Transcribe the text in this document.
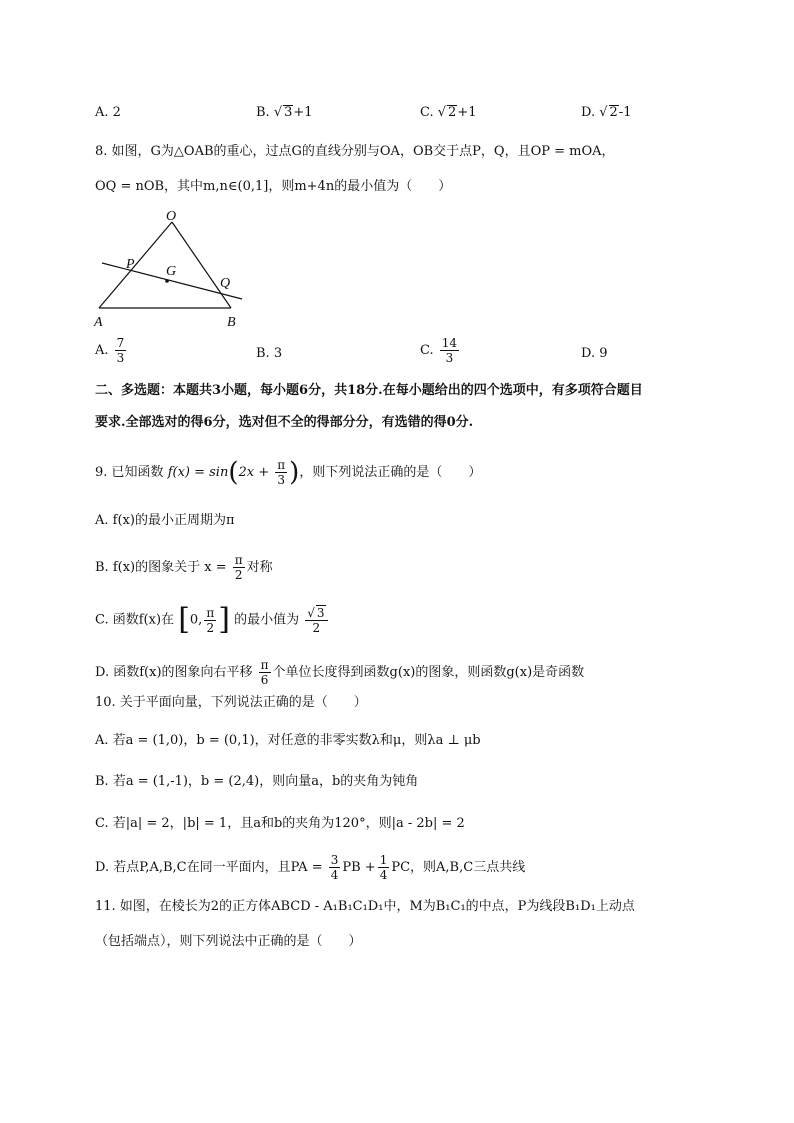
A. 2	B. √ 3+1	C. √ 2+1	D. √ 2-1
8. 如图，G为△OAB的重心，过点G的直线分别与OA，OB交于点P，Q，且OP = mOA，
OQ = nOB，其中m,n∈(0,1]，则m+4n的最小值为（　　）
O
P G
Q
A	B
A. $\frac{7}{3}$	B. 3	C. $\frac{14}{3}$	D. 9
二、多选题：本题共3小题，每小题6分，共18分.在每小题给出的四个选项中，有多项符合题目
要求.全部选对的得6分，选对但不全的得部分分，有选错的得0分.
9. 已知函数 $f(x) = \sin(2x + \frac{\pi}{3}$ )，则下列说法正确的是（　　）
A. f(x)的最小正周期为π
B. f(x)的图象关于 $x = \frac{\pi}{2}$ 对称
C. 函数f(x)在 [0, $\frac{\pi}{2}$ ] 的最小值为 $\frac{√ 3}{2}$
D. 函数f(x)的图象向右平移 $\frac{\pi}{6}$ 个单位长度得到函数g(x)的图象，则函数g(x)是奇函数
10. 关于平面向量，下列说法正确的是（　　）
A. 若a = (1,0)，b = (0,1)，对任意的非零实数λ和μ，则λa ⊥ μb
B. 若a = (1,-1)，b = (2,4)，则向量a，b的夹角为钝角
C. 若|a| = 2，|b| = 1，且a和b的夹角为120°，则|a - 2b| = 2
D. 若点P,A,B,C在同一平面内，且PA = $\frac{3}{4}$ PB + $\frac{1}{4}$ PC，则A,B,C三点共线
11. 如图，在棱长为2的正方体ABCD - A₁B₁C₁D₁中，M为B₁C₁的中点，P为线段B₁D₁上动点
（包括端点），则下列说法中正确的是（　　）
